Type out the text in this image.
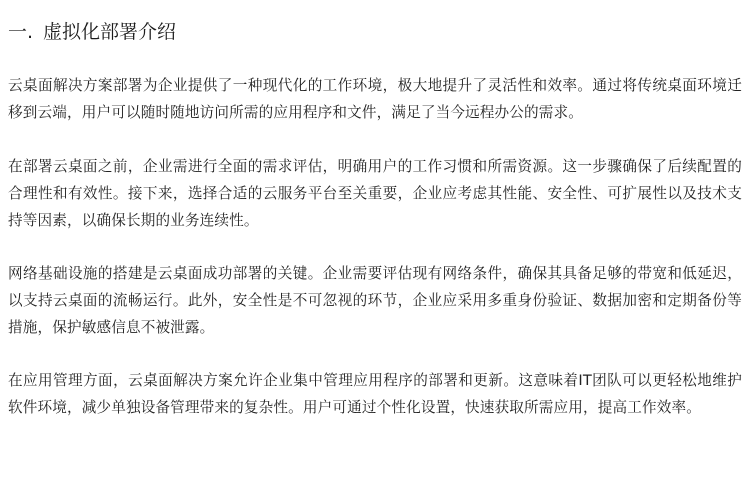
一. 虚拟化部署介绍

云桌面解决方案部署为企业提供了一种现代化的工作环境，极大地提升了灵活性和效率。通过将传统桌面环境迁移到云端，用户可以随时随地访问所需的应用程序和文件，满足了当今远程办公的需求。

在部署云桌面之前，企业需进行全面的需求评估，明确用户的工作习惯和所需资源。这一步骤确保了后续配置的合理性和有效性。接下来，选择合适的云服务平台至关重要，企业应考虑其性能、安全性、可扩展性以及技术支持等因素，以确保长期的业务连续性。

网络基础设施的搭建是云桌面成功部署的关键。企业需要评估现有网络条件，确保其具备足够的带宽和低延迟，以支持云桌面的流畅运行。此外，安全性是不可忽视的环节，企业应采用多重身份验证、数据加密和定期备份等措施，保护敏感信息不被泄露。

在应用管理方面，云桌面解决方案允许企业集中管理应用程序的部署和更新。这意味着IT团队可以更轻松地维护软件环境，减少单独设备管理带来的复杂性。用户可通过个性化设置，快速获取所需应用，提高工作效率。
